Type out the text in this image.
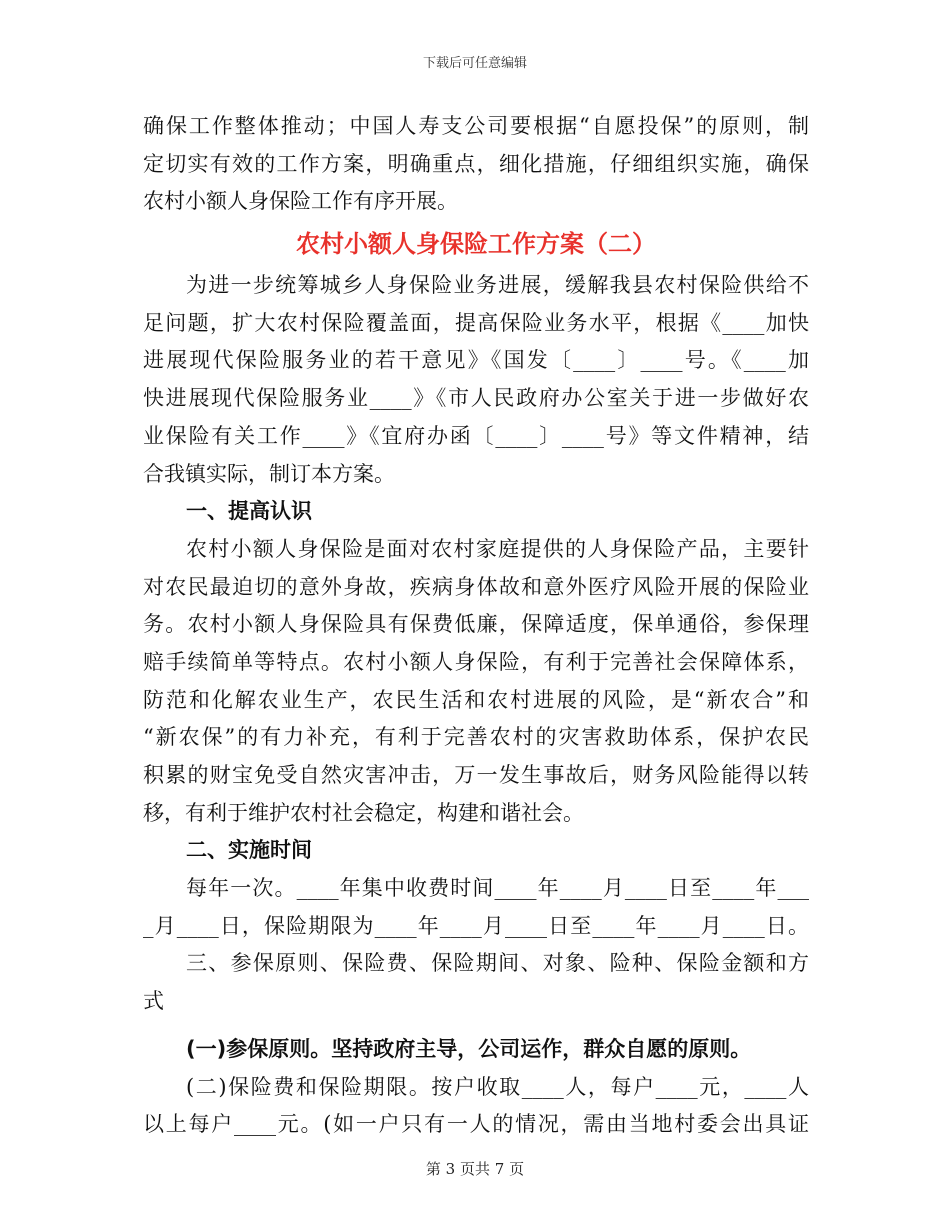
下载后可任意编辑
确保工作整体推动；中国人寿支公司要根据“自愿投保”的原则，制
定切实有效的工作方案，明确重点，细化措施，仔细组织实施，确保
农村小额人身保险工作有序开展。
农村小额人身保险工作方案（二）
为进一步统筹城乡人身保险业务进展，缓解我县农村保险供给不
足问题，扩大农村保险覆盖面，提高保险业务水平，根据《____加快
进展现代保险服务业的若干意见》《国发〔____〕____号。《____加
快进展现代保险服务业____》《市人民政府办公室关于进一步做好农
业保险有关工作____》《宜府办函〔____〕____号》等文件精神，结
合我镇实际，制订本方案。
一、提高认识
农村小额人身保险是面对农村家庭提供的人身保险产品，主要针
对农民最迫切的意外身故，疾病身体故和意外医疗风险开展的保险业
务。农村小额人身保险具有保费低廉，保障适度，保单通俗，参保理
赔手续简单等特点。农村小额人身保险，有利于完善社会保障体系，
防范和化解农业生产，农民生活和农村进展的风险，是“新农合”和
“新农保”的有力补充，有利于完善农村的灾害救助体系，保护农民
积累的财宝免受自然灾害冲击，万一发生事故后，财务风险能得以转
移，有利于维护农村社会稳定，构建和谐社会。
二、实施时间
每年一次。____年集中收费时间____年____月____日至____年___
_月____日，保险期限为____年____月____日至____年____月____日。
三、参保原则、保险费、保险期间、对象、险种、保险金额和方
式
(一)参保原则。坚持政府主导，公司运作，群众自愿的原则。
(二)保险费和保险期限。按户收取____人，每户____元，____人
以上每户____元。(如一户只有一人的情况，需由当地村委会出具证
第 3 页共 7 页
